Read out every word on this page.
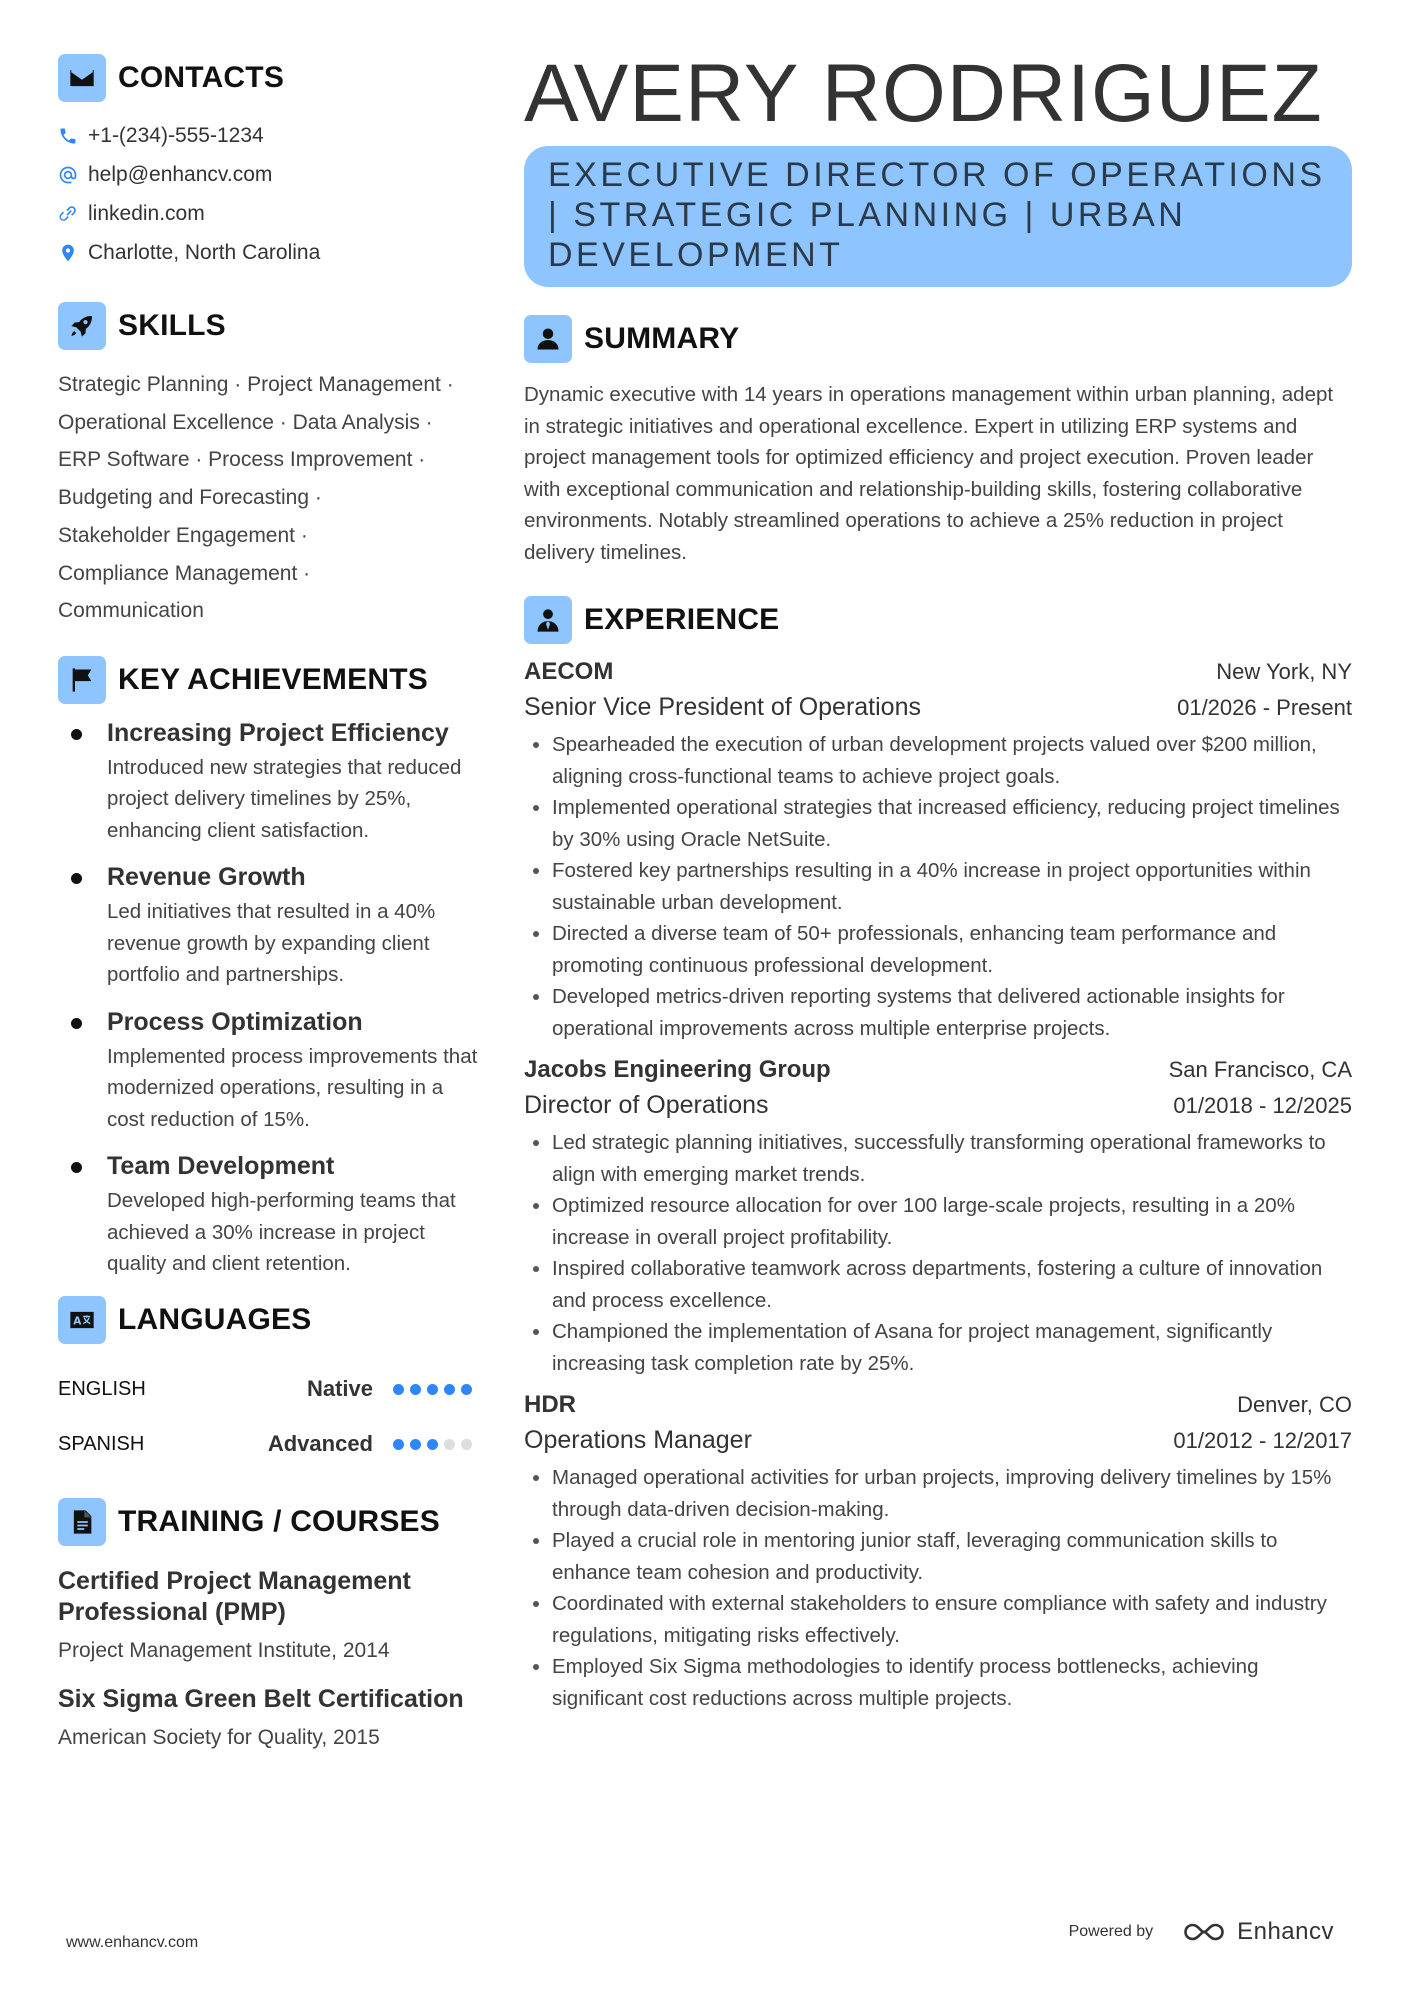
CONTACTS
+1-(234)-555-1234
help@enhancv.com
linkedin.com
Charlotte, North Carolina
SKILLS
Strategic Planning · Project Management ·
Operational Excellence · Data Analysis ·
ERP Software · Process Improvement ·
Budgeting and Forecasting ·
Stakeholder Engagement ·
Compliance Management ·
Communication
KEY ACHIEVEMENTS
Increasing Project Efficiency
Introduced new strategies that reduced project delivery timelines by 25%, enhancing client satisfaction.
Revenue Growth
Led initiatives that resulted in a 40% revenue growth by expanding client portfolio and partnerships.
Process Optimization
Implemented process improvements that modernized operations, resulting in a cost reduction of 15%.
Team Development
Developed high-performing teams that achieved a 30% increase in project quality and client retention.
A LANGUAGES
ENGLISH	Native
SPANISH	Advanced
TRAINING / COURSES
Certified Project Management Professional (PMP)
Project Management Institute, 2014
Six Sigma Green Belt Certification
American Society for Quality, 2015
AVERY RODRIGUEZ
EXECUTIVE DIRECTOR OF OPERATIONS | STRATEGIC PLANNING | URBAN DEVELOPMENT
SUMMARY
Dynamic executive with 14 years in operations management within urban planning, adept in strategic initiatives and operational excellence. Expert in utilizing ERP systems and project management tools for optimized efficiency and project execution. Proven leader with exceptional communication and relationship-building skills, fostering collaborative environments. Notably streamlined operations to achieve a 25% reduction in project delivery timelines.
EXPERIENCE
AECOM	New York, NY
Senior Vice President of Operations	01/2026 - Present
Spearheaded the execution of urban development projects valued over $200 million, aligning cross-functional teams to achieve project goals.
Implemented operational strategies that increased efficiency, reducing project timelines by 30% using Oracle NetSuite.
Fostered key partnerships resulting in a 40% increase in project opportunities within sustainable urban development.
Directed a diverse team of 50+ professionals, enhancing team performance and promoting continuous professional development.
Developed metrics-driven reporting systems that delivered actionable insights for operational improvements across multiple enterprise projects.
Jacobs Engineering Group	San Francisco, CA
Director of Operations	01/2018 - 12/2025
Led strategic planning initiatives, successfully transforming operational frameworks to align with emerging market trends.
Optimized resource allocation for over 100 large-scale projects, resulting in a 20% increase in overall project profitability.
Inspired collaborative teamwork across departments, fostering a culture of innovation and process excellence.
Championed the implementation of Asana for project management, significantly increasing task completion rate by 25%.
HDR	Denver, CO
Operations Manager	01/2012 - 12/2017
Managed operational activities for urban projects, improving delivery timelines by 15% through data-driven decision-making.
Played a crucial role in mentoring junior staff, leveraging communication skills to enhance team cohesion and productivity.
Coordinated with external stakeholders to ensure compliance with safety and industry regulations, mitigating risks effectively.
Employed Six Sigma methodologies to identify process bottlenecks, achieving significant cost reductions across multiple projects.
www.enhancv.com
Powered by	Enhancv
